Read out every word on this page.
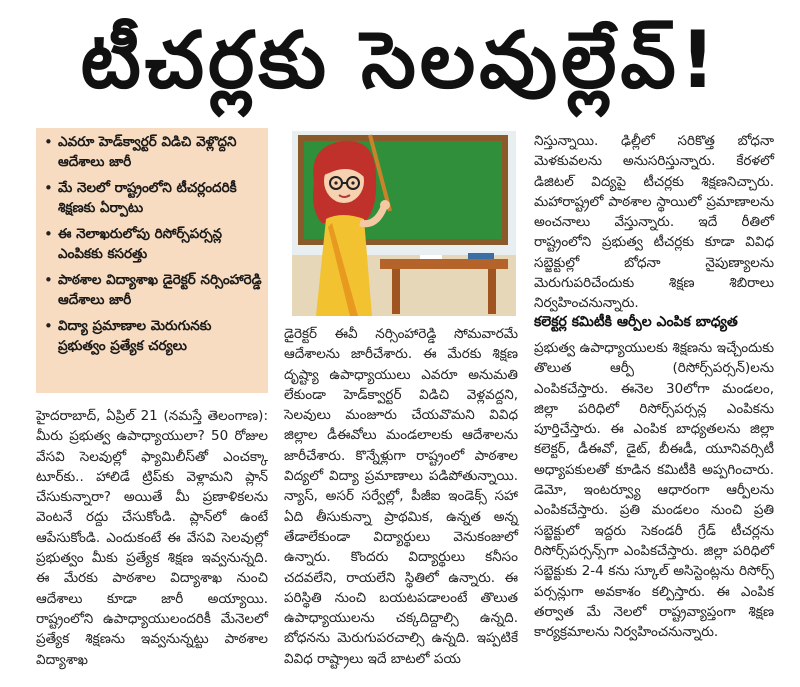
టీచర్లకు సెలవుల్లేవ్‌!
• ఎవరూ హెడ్‌క్వార్టర్‌ విడిచి వెళ్లొద్దని ఆదేశాలు జారీ
• మే నెలలో రాష్ట్రంలోని టీచర్లందరికీ శిక్షణకు ఏర్పాటు
• ఈ నెలాఖరులోపు రిసోర్స్‌పర్సన్ల ఎంపికకు కసరత్తు
• పాఠశాల విద్యాశాఖ డైరెక్టర్‌ నర్సింహారెడ్డి ఆదేశాలు జారీ
• విద్యా ప్రమాణాల మెరుగునకు ప్రభుత్వం ప్రత్యేక చర్యలు

హైదరాబాద్‌, ఏప్రిల్‌ 21 (నమస్తే తెలంగాణ): మీరు ప్రభుత్వ ఉపాధ్యాయులా? 50 రోజుల వేసవి సెలవుల్లో ఫ్యామిలీస్‌తో ఎంచక్కా టూర్‌కు.. హాలిడే ట్రిప్‌కు వెళ్లామని ప్లాన్‌ చేసుకున్నారా? అయితే మీ ప్రణాళికలను వెంటనే రద్దు చేసుకోండి. ప్లాన్‌లో ఉంటే ఆపేసుకోండి. ఎందుకంటే ఈ వేసవి సెలవుల్లో ప్రభుత్వం మీకు ప్రత్యేక శిక్షణ ఇవ్వనున్నది. ఈ మేరకు పాఠశాల విద్యాశాఖ నుంచి ఆదేశాలు కూడా జారీ అయ్యాయి. రాష్ట్రంలోని ఉపాధ్యాయులందరికీ మేనెలలో ప్రత్యేక శిక్షణను ఇవ్వనున్నట్టు పాఠశాల విద్యాశాఖ

డైరెక్టర్‌ ఈవీ నర్సింహారెడ్డి సోమవారమే ఆదేశాలను జారీచేశారు. ఈ మేరకు శిక్షణ దృష్ట్యా ఉపాధ్యాయులు ఎవరూ అనుమతి లేకుండా హెడ్‌క్వార్టర్‌ విడిచి వెళ్లవద్దని, సెలవులు మంజూరు చేయవొమని వివిధ జిల్లాల డీఈవోలు మండలాలకు ఆదేశాలను జారీచేశారు. కొన్నేళ్లుగా రాష్ట్రంలో పాఠశాల విద్యలో విద్యా ప్రమాణాలు పడిపోతున్నాయి. న్యాస్‌, అసర్‌ సర్వేల్లో, పీజీఐ ఇండెక్స్‌ సహా ఏది తీసుకున్నా ప్రాథమిక, ఉన్నత అన్న తేడాలేకుండా విద్యార్థులు వెనుకంజులో ఉన్నారు. కొందరు విద్యార్థులు కనీసం చదవలేని, రాయలేని స్థితిలో ఉన్నారు. ఈ పరిస్థితి నుంచి బయటపడాలంటే తొలుత ఉపాధ్యాయులను చక్కదిద్దాల్సి ఉన్నది. బోధనను మెరుగుపరచాల్సి ఉన్నది. ఇప్పటికే వివిధ రాష్ట్రాలు ఇదే బాటలో పయ

నిస్తున్నాయి. ఢిల్లీలో సరికొత్త బోధనా మెళకువలను అనుసరిస్తున్నారు. కేరళలో డిజిటల్‌ విద్యపై టీచర్లకు శిక్షణనిచ్చారు. మహారాష్ట్రలో పాఠశాల స్థాయిలో ప్రమాణాలను అంచనాలు వేస్తున్నారు. ఇదే రీతిలో రాష్ట్రంలోని ప్రభుత్వ టీచర్లకు కూడా వివిధ సబ్జెక్టుల్లో బోధనా నైపుణ్యాలను మెరుగుపరిచేందుకు శిక్షణ శిబిరాలు నిర్వహించనున్నారు.

కలెక్టర్ల కమిటీకి ఆర్పీల ఎంపిక బాధ్యత

ప్రభుత్వ ఉపాధ్యాయులకు శిక్షణను ఇచ్చేందుకు తొలుత ఆర్పీ (రిసోర్స్‌పర్సన్‌)లను ఎంపికచేస్తారు. ఈనెల 30లోగా మండలం, జిల్లా పరిధిలో రిసోర్స్‌పర్సన్ల ఎంపికను పూర్తిచేస్తారు. ఈ ఎంపిక బాధ్యతలను జిల్లా కలెక్టర్‌, డీఈవో, డైట్‌, బీఈడీ, యూనివర్సిటీ అధ్యాపకులతో కూడిన కమిటీకి అప్పగించారు. డెమో, ఇంటర్వ్యూ ఆధారంగా ఆర్పీలను ఎంపికచేస్తారు. ప్రతి మండలం నుంచి ప్రతి సబ్జెక్టులో ఇద్దరు సెకండరీ గ్రేడ్‌ టీచర్లను రిసోర్స్‌పర్సన్స్‌గా ఎంపికచేస్తారు. జిల్లా పరిధిలో సబ్జెక్టుకు 2-4 కను స్కూల్‌ అసిస్టెంట్లను రిసోర్స్‌ పర్సన్లుగా అవకాశం కల్పిస్తారు. ఈ ఎంపిక తర్వాత మే నెలలో రాష్ట్రవ్యాప్తంగా శిక్షణ కార్యక్రమాలను నిర్వహించనున్నారు.
